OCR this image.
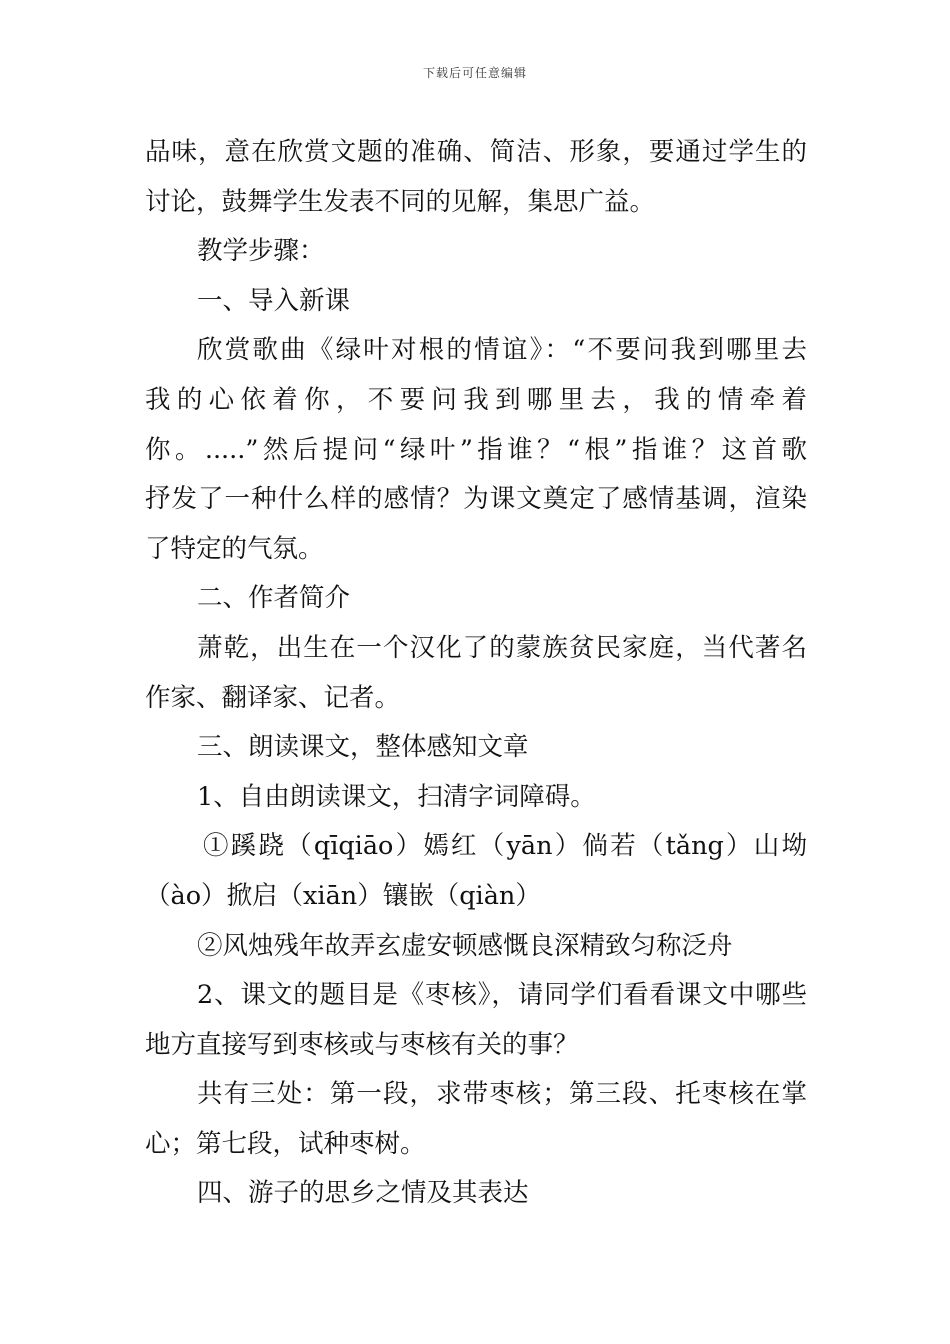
下载后可任意编辑
品味，意在欣赏文题的准确、简洁、形象，要通过学生的
讨论，鼓舞学生发表不同的见解，集思广益。
教学步骤：
一、导入新课
欣赏歌曲《绿叶对根的情谊》：“不要问我到哪里去
我的心依着你，不要问我到哪里去，我的情牵着
你。.....”然后提问“绿叶”指谁？“根”指谁？这首歌
抒发了一种什么样的感情？为课文奠定了感情基调，渲染
了特定的气氛。
二、作者简介
萧乾，出生在一个汉化了的蒙族贫民家庭，当代著名
作家、翻译家、记者。
三、朗读课文，整体感知文章
1、自由朗读课文，扫清字词障碍。
①蹊跷（qīqiāo）嫣红（yān）倘若（tǎng）山坳
（ào）掀启（xiān）镶嵌（qiàn）
②风烛残年故弄玄虚安顿感慨良深精致匀称泛舟
2、课文的题目是《枣核》，请同学们看看课文中哪些
地方直接写到枣核或与枣核有关的事？
共有三处：第一段，求带枣核；第三段、托枣核在掌
心；第七段，试种枣树。
四、游子的思乡之情及其表达
